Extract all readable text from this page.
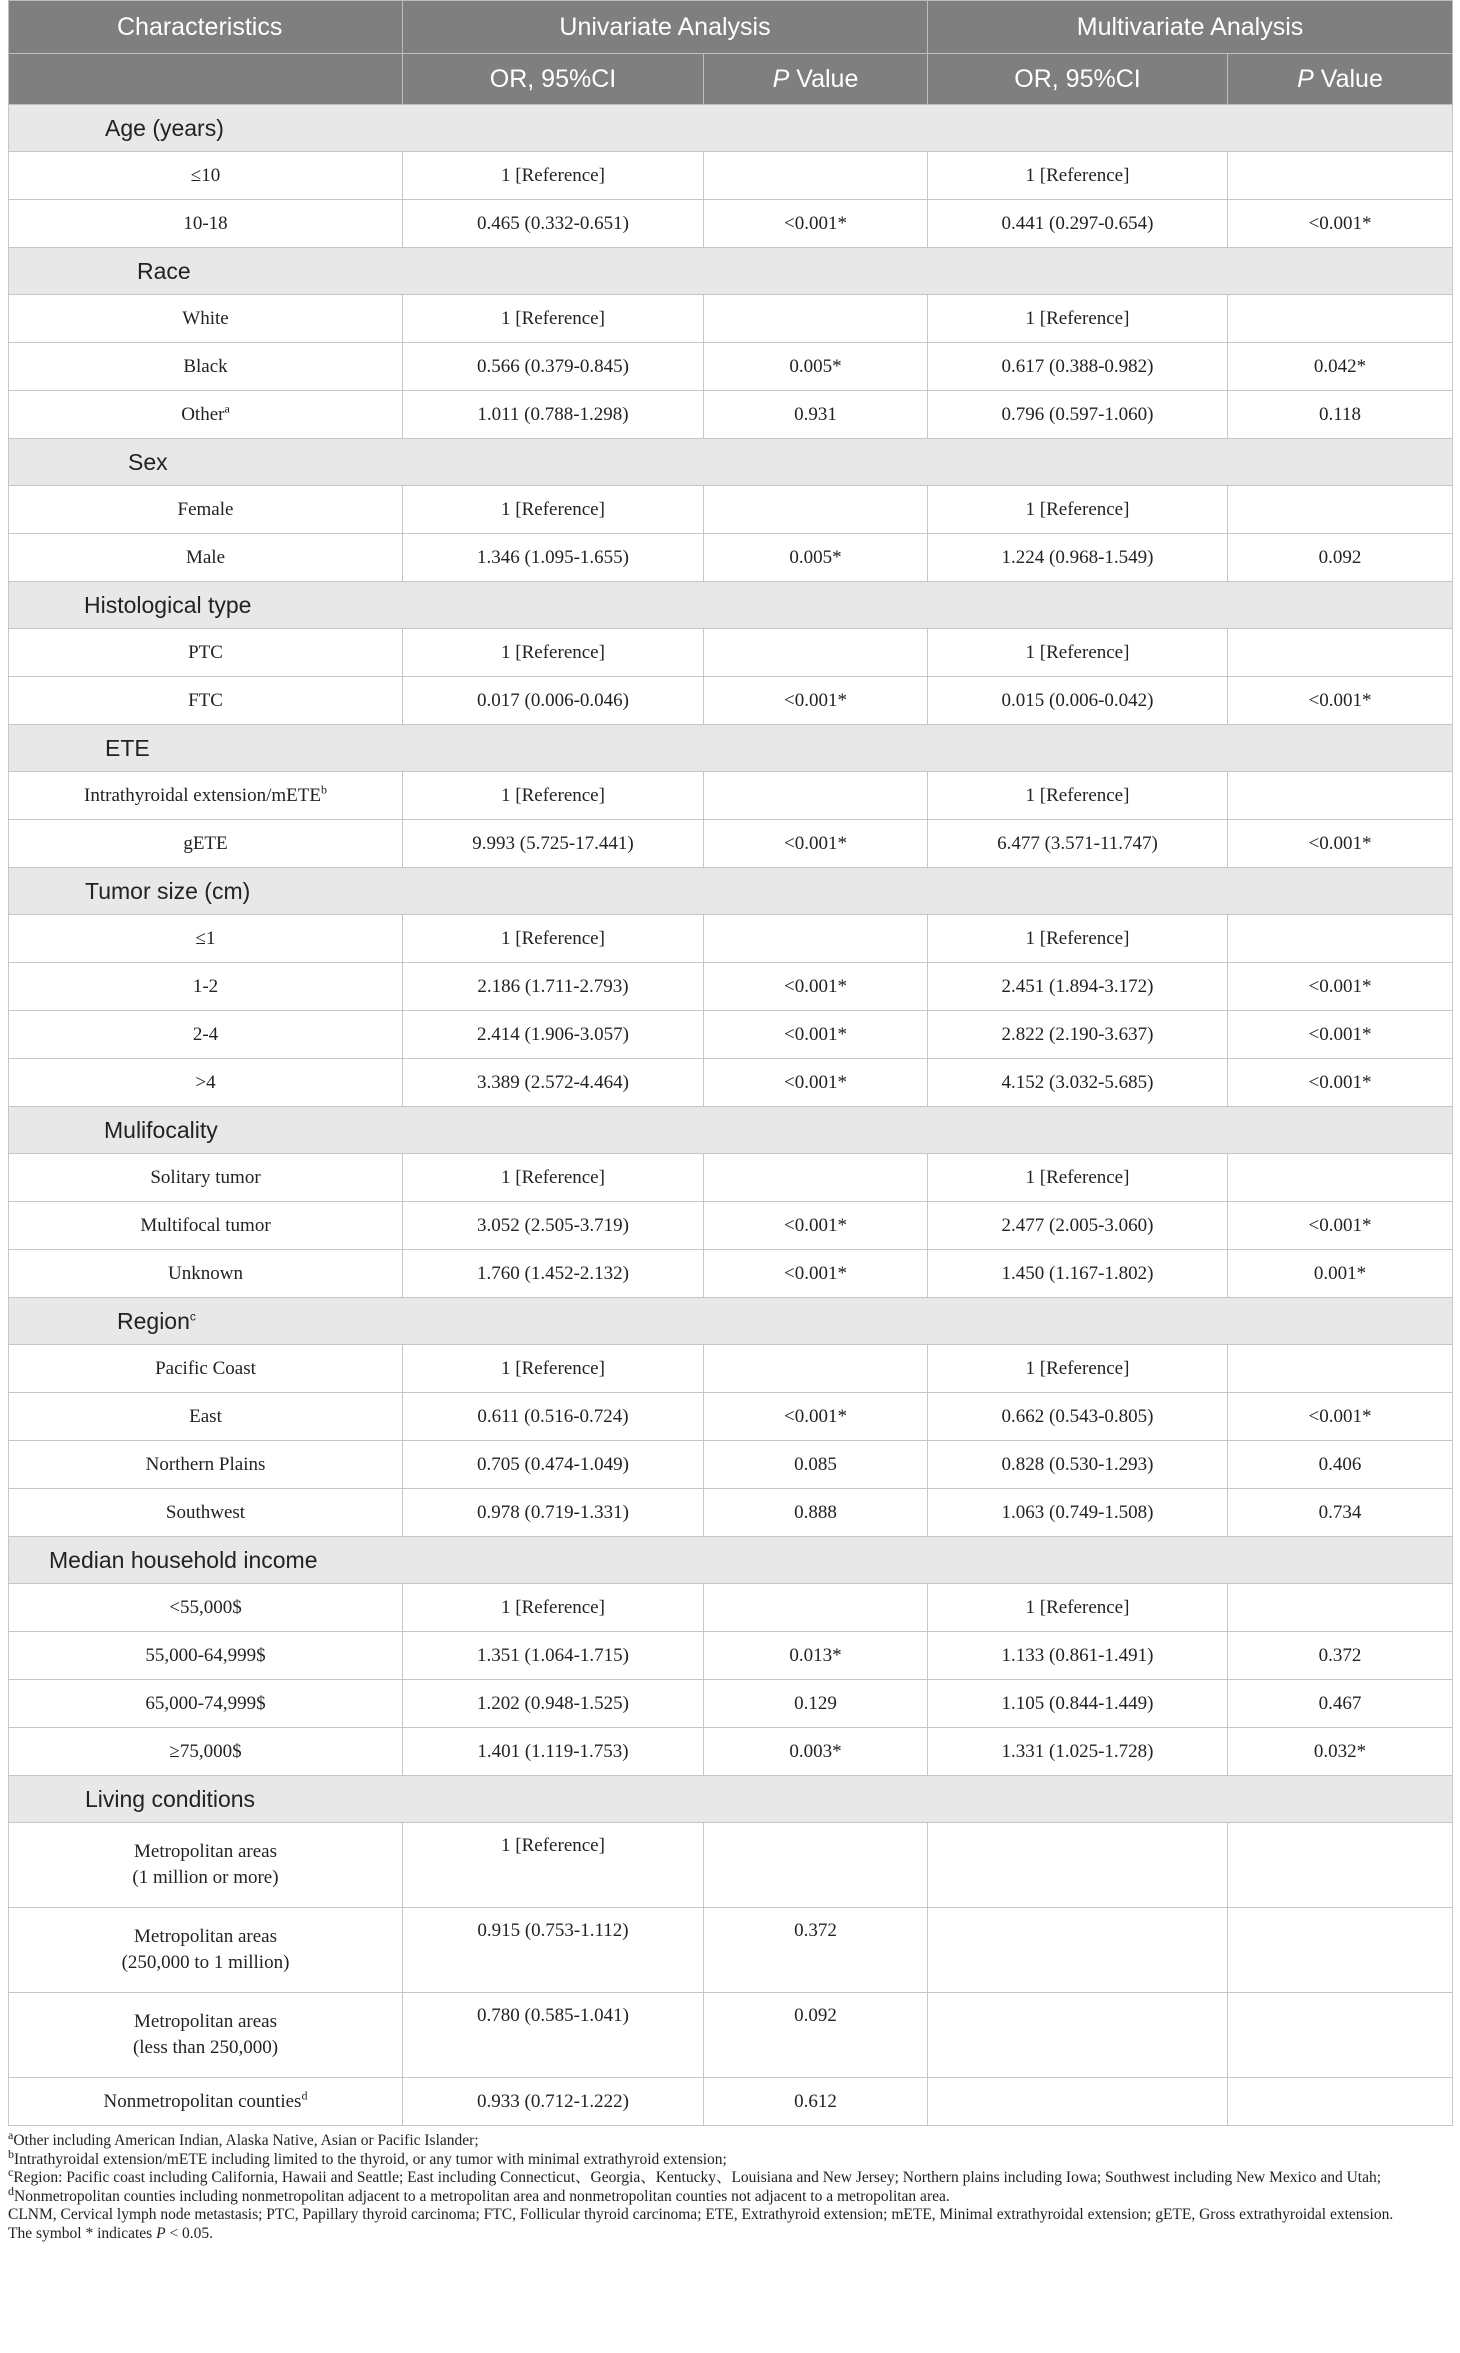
Characteristics	Univariate Analysis		Multivariate Analysis	
	OR, 95%CI	P Value	OR, 95%CI	P Value
Age (years)				
≤10	1 [Reference]		1 [Reference]	
10-18	0.465 (0.332-0.651)	<0.001*	0.441 (0.297-0.654)	<0.001*
Race				
White	1 [Reference]		1 [Reference]	
Black	0.566 (0.379-0.845)	0.005*	0.617 (0.388-0.982)	0.042*
Other$^a$	1.011 (0.788-1.298)	0.931	0.796 (0.597-1.060)	0.118
Sex				
Female	1 [Reference]		1 [Reference]	
Male	1.346 (1.095-1.655)	0.005*	1.224 (0.968-1.549)	0.092
Histological type				
PTC	1 [Reference]		1 [Reference]	
FTC	0.017 (0.006-0.046)	<0.001*	0.015 (0.006-0.042)	<0.001*
ETE				
Intrathyroidal extension/mETE$^b$	1 [Reference]		1 [Reference]	
gETE	9.993 (5.725-17.441)	<0.001*	6.477 (3.571-11.747)	<0.001*
Tumor size (cm)				
≤1	1 [Reference]		1 [Reference]	
1-2	2.186 (1.711-2.793)	<0.001*	2.451 (1.894-3.172)	<0.001*
2-4	2.414 (1.906-3.057)	<0.001*	2.822 (2.190-3.637)	<0.001*
>4	3.389 (2.572-4.464)	<0.001*	4.152 (3.032-5.685)	<0.001*
Mulifocality				
Solitary tumor	1 [Reference]		1 [Reference]	
Multifocal tumor	3.052 (2.505-3.719)	<0.001*	2.477 (2.005-3.060)	<0.001*
Unknown	1.760 (1.452-2.132)	<0.001*	1.450 (1.167-1.802)	0.001*
Region$^c$
Pacific Coast	1 [Reference]		1 [Reference]	
East	0.611 (0.516-0.724)	<0.001*	0.662 (0.543-0.805)	<0.001*
Northern Plains	0.705 (0.474-1.049)	0.085	0.828 (0.530-1.293)	0.406
Southwest	0.978 (0.719-1.331)	0.888	1.063 (0.749-1.508)	0.734
Median household income				
<55,000$	1 [Reference]		1 [Reference]	
55,000-64,999$	1.351 (1.064-1.715)	0.013*	1.133 (0.861-1.491)	0.372
65,000-74,999$	1.202 (0.948-1.525)	0.129	1.105 (0.844-1.449)	0.467
≥75,000$	1.401 (1.119-1.753)	0.003*	1.331 (1.025-1.728)	0.032*
Living conditions				
Metropolitan areas
(1 million or more)	1 [Reference]			
Metropolitan areas
(250,000 to 1 million)	0.915 (0.753-1.112)	0.372		
Metropolitan areas
(less than 250,000)	0.780 (0.585-1.041)	0.092		
Nonmetropolitan counties$^d$	0.933 (0.712-1.222)	0.612		
$^a$Other including American Indian, Alaska Native, Asian or Pacific Islander;
$^b$Intrathyroidal extension/mETE including limited to the thyroid, or any tumor with minimal extrathyroid extension;
$^c$Region: Pacific coast including California, Hawaii and Seattle; East including Connecticut、Georgia、Kentucky、Louisiana and New Jersey; Northern plains including Iowa; Southwest including New Mexico and Utah;
$^d$Nonmetropolitan counties including nonmetropolitan adjacent to a metropolitan area and nonmetropolitan counties not adjacent to a metropolitan area.
CLNM, Cervical lymph node metastasis; PTC, Papillary thyroid carcinoma; FTC, Follicular thyroid carcinoma; ETE, Extrathyroid extension; mETE, Minimal extrathyroidal extension; gETE, Gross extrathyroidal extension.
The symbol * indicates P < 0.05.
